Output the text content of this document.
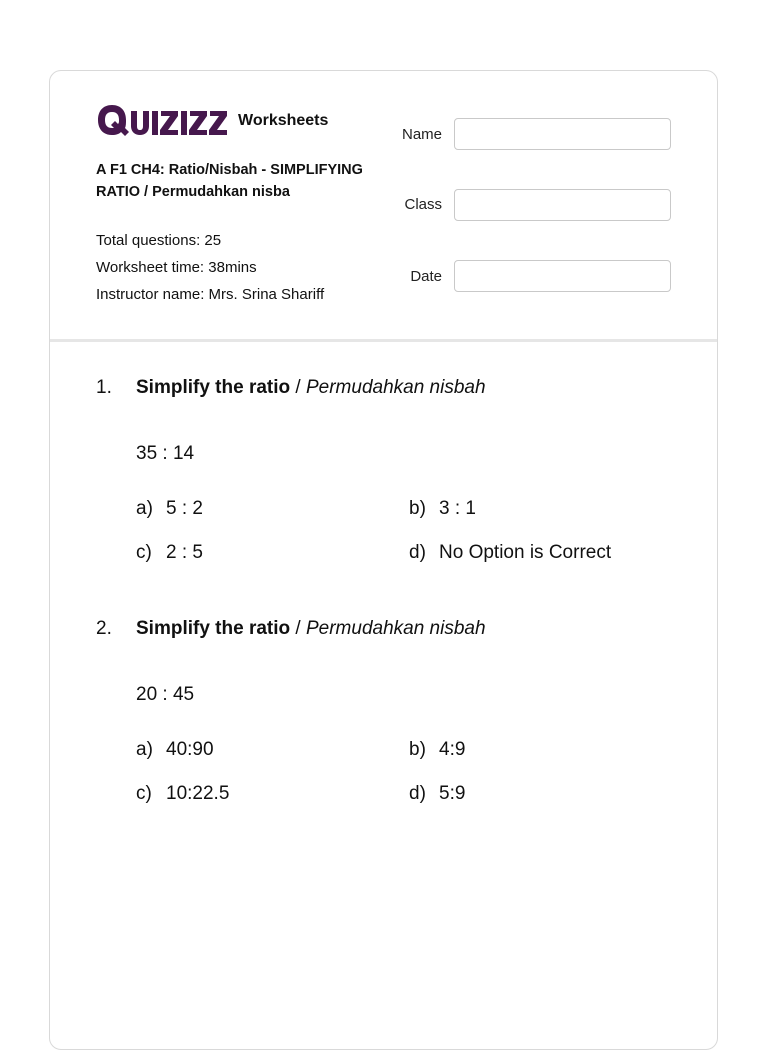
Worksheets
A F1 CH4: Ratio/Nisbah - SIMPLIFYING RATIO / Permudahkan nisba
Total questions: 25
Worksheet time: 38mins
Instructor name: Mrs. Srina Shariff
Name
Class
Date
1. Simplify the ratio / Permudahkan nisbah
35 : 14
a) 5 : 2	b) 3 : 1
c) 2 : 5	d) No Option is Correct
2. Simplify the ratio / Permudahkan nisbah
20 : 45
a) 40:90	b) 4:9
c) 10:22.5	d) 5:9
